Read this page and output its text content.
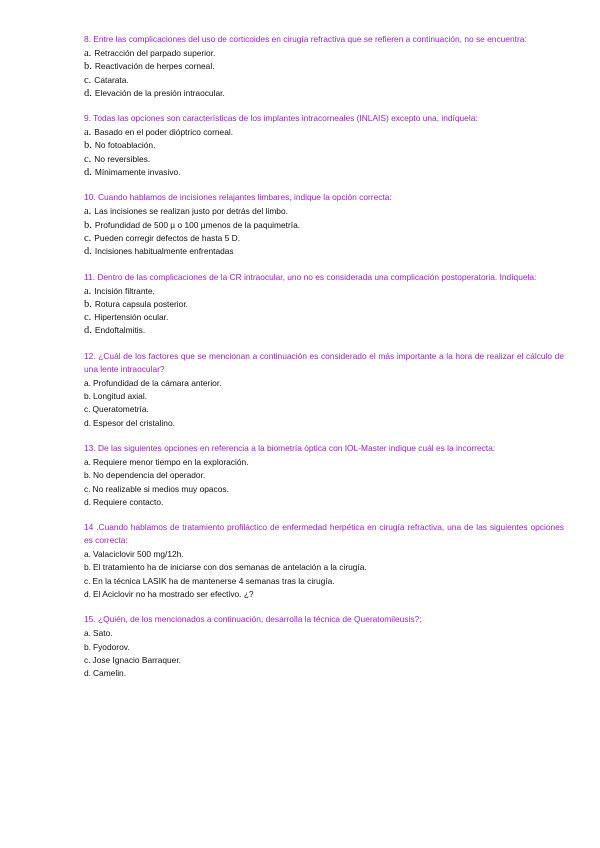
8. Entre las complicaciones del uso de corticoides en cirugía refractiva que se refieren a continuación, no se encuentra:

a. Retracción del parpado superior.

b. Reactivación de herpes corneal.

c. Catarata.

d. Elevación de la presión intraocular.

9. Todas las opciones son características de los implantes intracorneales (INLAIS) excepto una, indíquela:

a. Basado en el poder dióptrico corneal.

b. No fotoablación.

c. No reversibles.

d. Mínimamente invasivo.

10. Cuando hablamos de incisiones relajantes limbares, indique la opción correcta:

a. Las incisiones se realizan justo por detrás del limbo.

b. Profundidad de 500 µ o 100 µmenos de la paquimetría.

c. Pueden corregir defectos de hasta 5 D.

d. Incisiones habitualmente enfrentadas

11. Dentro de las complicaciones de la CR intraocular, uno no es considerada una complicación postoperatoria. Indíquela:

a. Incisión filtrante.

b. Rotura capsula posterior.

c. Hipertensión ocular.

d. Endoftalmitis.

12. ¿Cuál de los factores que se mencionan a continuación es considerado el más importante a la hora de realizar el cálculo de una lente intraocular?

a. Profundidad de la cámara anterior.

b. Longitud axial.

c. Queratometría.

d. Espesor del cristalino.

13. De las siguientes opciones en referencia a la biometría óptica con IOL-Master indique cuál es la incorrecta:

a. Requiere menor tiempo en la exploración.

b. No dependencia del operador.

c. No realizable si medios muy opacos.

d. Requiere contacto.

14 .Cuando hablamos de tratamiento profiláctico de enfermedad herpética en cirugía refractiva, una de las siguientes opciones es correcta:

a. Valaciclovir 500 mg/12h.

b. El tratamiento ha de iniciarse con dos semanas de antelación a la cirugía.

c. En la técnica LASIK ha de mantenerse 4 semanas tras la cirugía.

d. El Aciclovir no ha mostrado ser efectivo. ¿?

15. ¿Quién, de los mencionados a continuación, desarrolla la técnica de Queratomileusis?:

a. Sato.

b. Fyodorov.

c. Jose Ignacio Barraquer.

d. Camelin.
